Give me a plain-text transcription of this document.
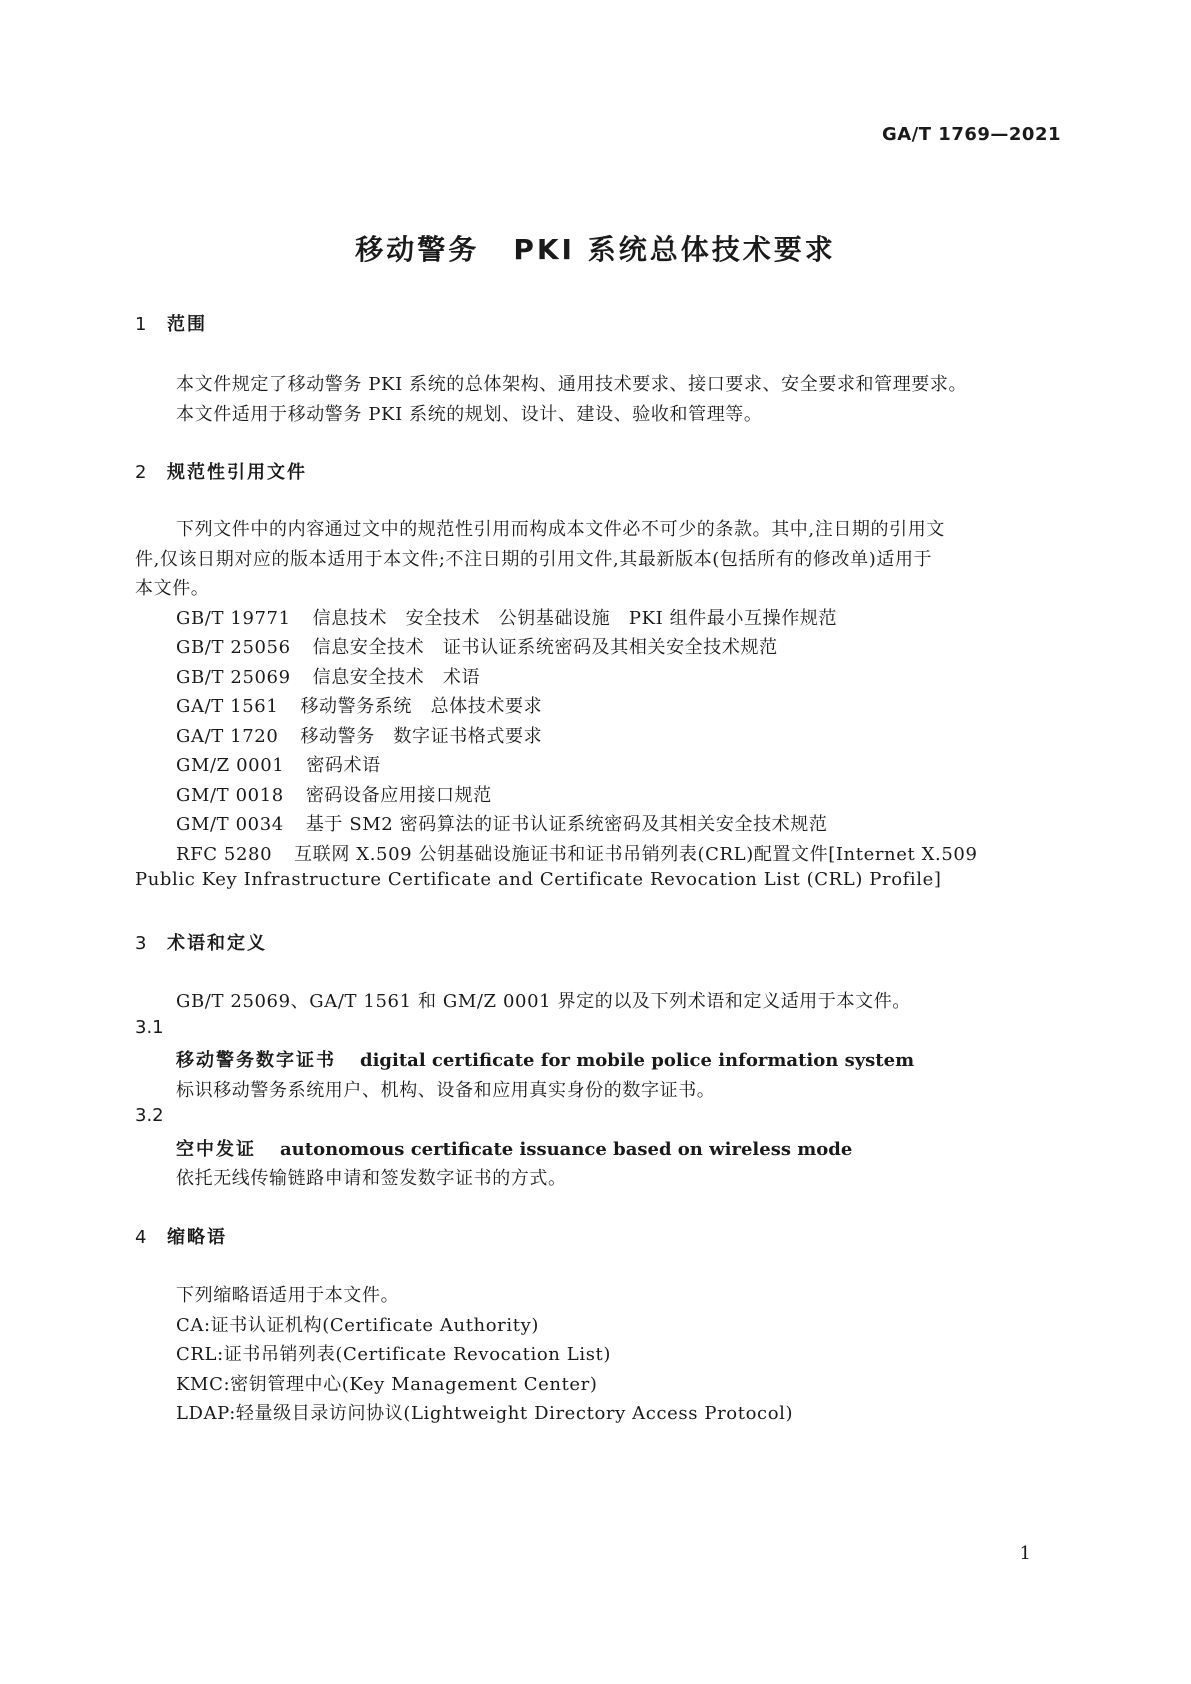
GA/T 1769—2021
移动警务 PKI 系统总体技术要求
1 范围
本文件规定了移动警务 PKI 系统的总体架构、通用技术要求、接口要求、安全要求和管理要求。
本文件适用于移动警务 PKI 系统的规划、设计、建设、验收和管理等。
2 规范性引用文件
下列文件中的内容通过文中的规范性引用而构成本文件必不可少的条款。其中,注日期的引用文
件,仅该日期对应的版本适用于本文件;不注日期的引用文件,其最新版本(包括所有的修改单)适用于
本文件。
GB/T 19771 信息技术　安全技术　公钥基础设施　PKI 组件最小互操作规范
GB/T 25056 信息安全技术　证书认证系统密码及其相关安全技术规范
GB/T 25069 信息安全技术　术语
GA/T 1561 移动警务系统　总体技术要求
GA/T 1720 移动警务　数字证书格式要求
GM/Z 0001 密码术语
GM/T 0018 密码设备应用接口规范
GM/T 0034 基于 SM2 密码算法的证书认证系统密码及其相关安全技术规范
RFC 5280 互联网 X.509 公钥基础设施证书和证书吊销列表(CRL)配置文件[Internet X.509
Public Key Infrastructure Certificate and Certificate Revocation List (CRL) Profile]
3 术语和定义
GB/T 25069、GA/T 1561 和 GM/Z 0001 界定的以及下列术语和定义适用于本文件。
3.1
移动警务数字证书 digital certificate for mobile police information system
标识移动警务系统用户、机构、设备和应用真实身份的数字证书。
3.2
空中发证 autonomous certificate issuance based on wireless mode
依托无线传输链路申请和签发数字证书的方式。
4 缩略语
下列缩略语适用于本文件。
CA:证书认证机构(Certificate Authority)
CRL:证书吊销列表(Certificate Revocation List)
KMC:密钥管理中心(Key Management Center)
LDAP:轻量级目录访问协议(Lightweight Directory Access Protocol)
1
